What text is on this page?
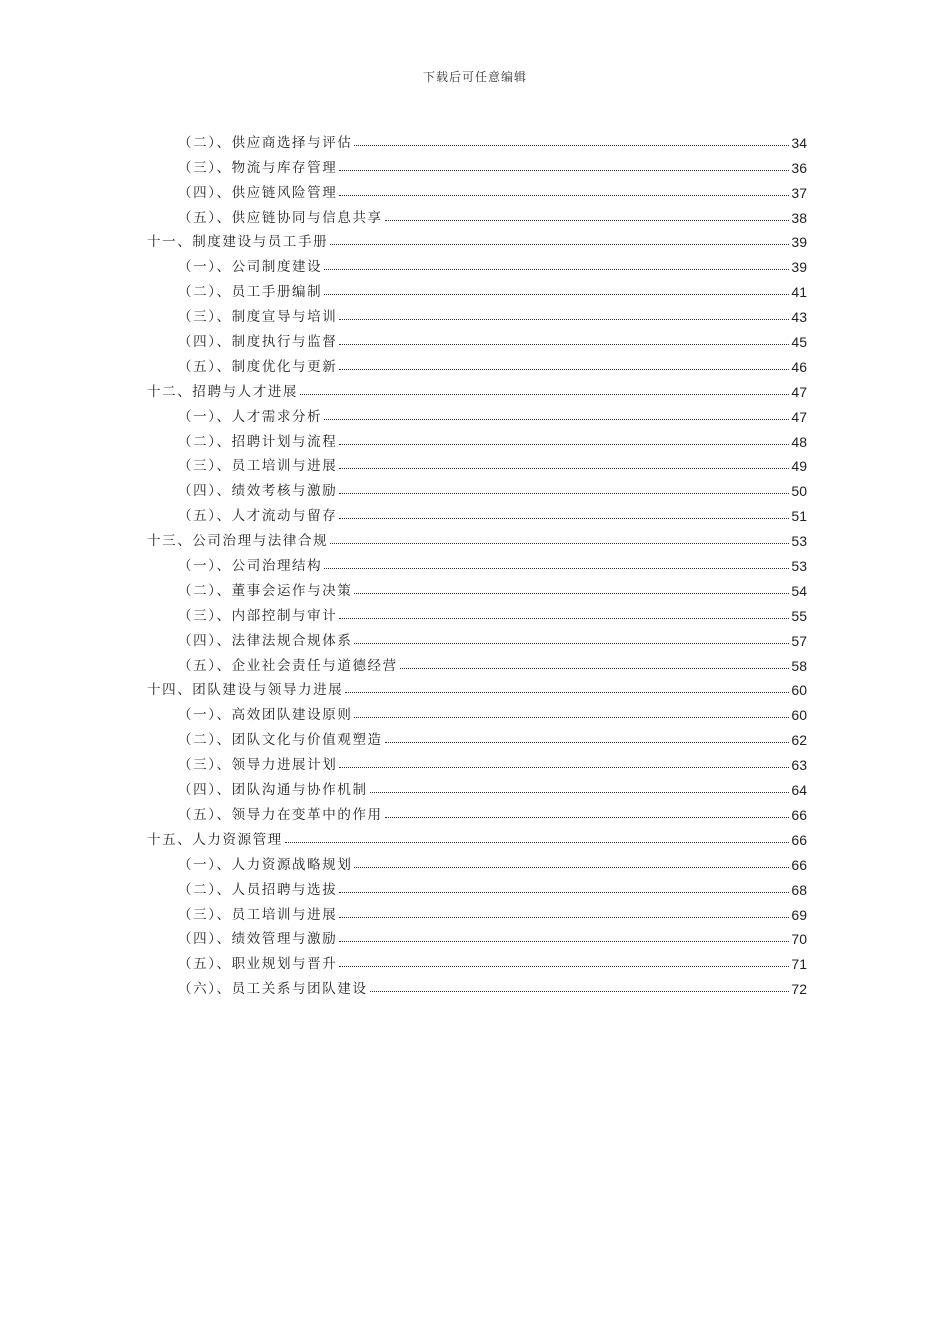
下载后可任意编辑
（二）、供应商选择与评估	34
（三）、物流与库存管理	36
（四）、供应链风险管理	37
（五）、供应链协同与信息共享	38
十一、制度建设与员工手册	39
（一）、公司制度建设	39
（二）、员工手册编制	41
（三）、制度宣导与培训	43
（四）、制度执行与监督	45
（五）、制度优化与更新	46
十二、招聘与人才进展	47
（一）、人才需求分析	47
（二）、招聘计划与流程	48
（三）、员工培训与进展	49
（四）、绩效考核与激励	50
（五）、人才流动与留存	51
十三、公司治理与法律合规	53
（一）、公司治理结构	53
（二）、董事会运作与决策	54
（三）、内部控制与审计	55
（四）、法律法规合规体系	57
（五）、企业社会责任与道德经营	58
十四、团队建设与领导力进展	60
（一）、高效团队建设原则	60
（二）、团队文化与价值观塑造	62
（三）、领导力进展计划	63
（四）、团队沟通与协作机制	64
（五）、领导力在变革中的作用	66
十五、人力资源管理	66
（一）、人力资源战略规划	66
（二）、人员招聘与选拔	68
（三）、员工培训与进展	69
（四）、绩效管理与激励	70
（五）、职业规划与晋升	71
（六）、员工关系与团队建设	72
